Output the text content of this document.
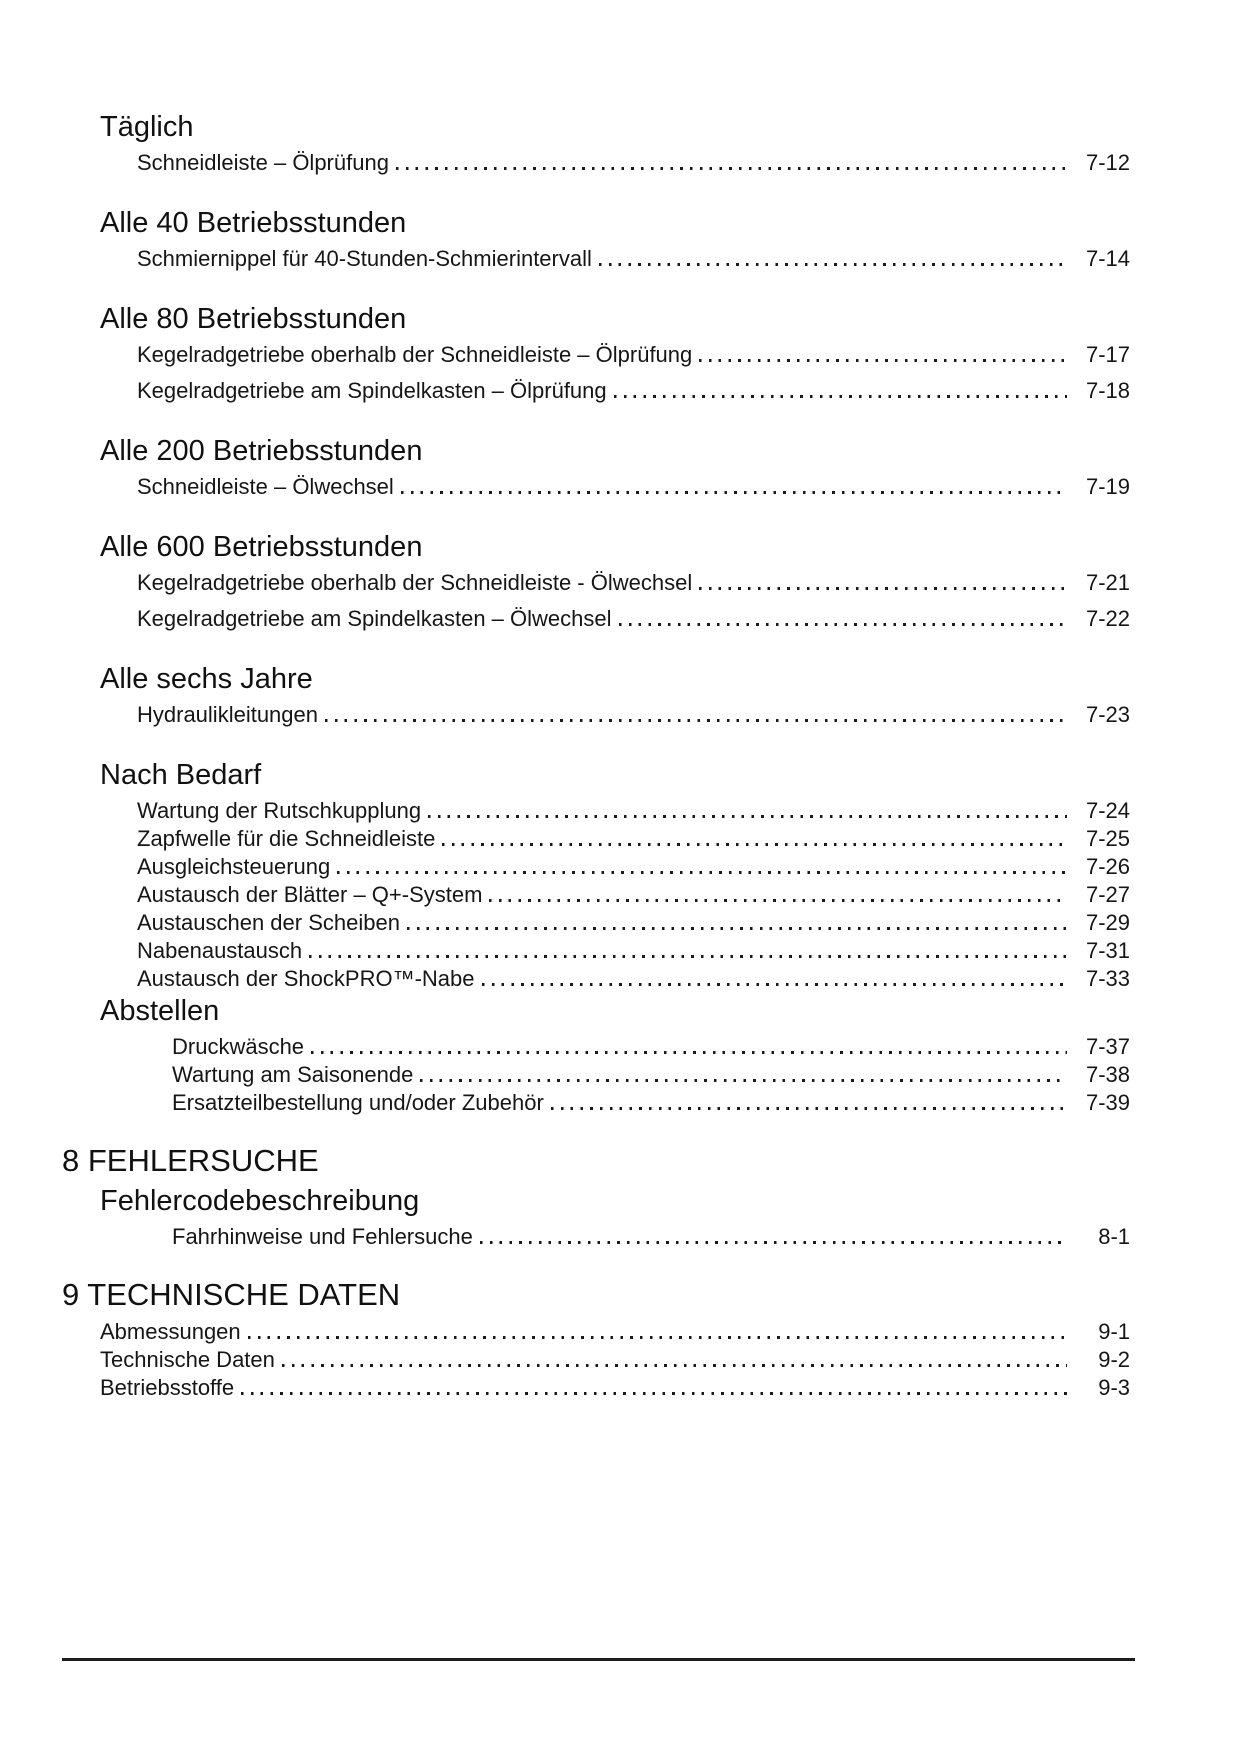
Täglich
Schneidleiste – Ölprüfung	7-12
Alle 40 Betriebsstunden
Schmiernippel für 40-Stunden-Schmierintervall	7-14
Alle 80 Betriebsstunden
Kegelradgetriebe oberhalb der Schneidleiste – Ölprüfung	7-17
Kegelradgetriebe am Spindelkasten – Ölprüfung	7-18
Alle 200 Betriebsstunden
Schneidleiste – Ölwechsel	7-19
Alle 600 Betriebsstunden
Kegelradgetriebe oberhalb der Schneidleiste - Ölwechsel	7-21
Kegelradgetriebe am Spindelkasten – Ölwechsel	7-22
Alle sechs Jahre
Hydraulikleitungen	7-23
Nach Bedarf
Wartung der Rutschkupplung	7-24
Zapfwelle für die Schneidleiste	7-25
Ausgleichsteuerung	7-26
Austausch der Blätter – Q+-System	7-27
Austauschen der Scheiben	7-29
Nabenaustausch	7-31
Austausch der ShockPRO™-Nabe	7-33
Abstellen
Druckwäsche	7-37
Wartung am Saisonende	7-38
Ersatzteilbestellung und/oder Zubehör	7-39
8 FEHLERSUCHE
Fehlercodebeschreibung
Fahrhinweise und Fehlersuche	8-1
9 TECHNISCHE DATEN
Abmessungen	9-1
Technische Daten	9-2
Betriebsstoffe	9-3
